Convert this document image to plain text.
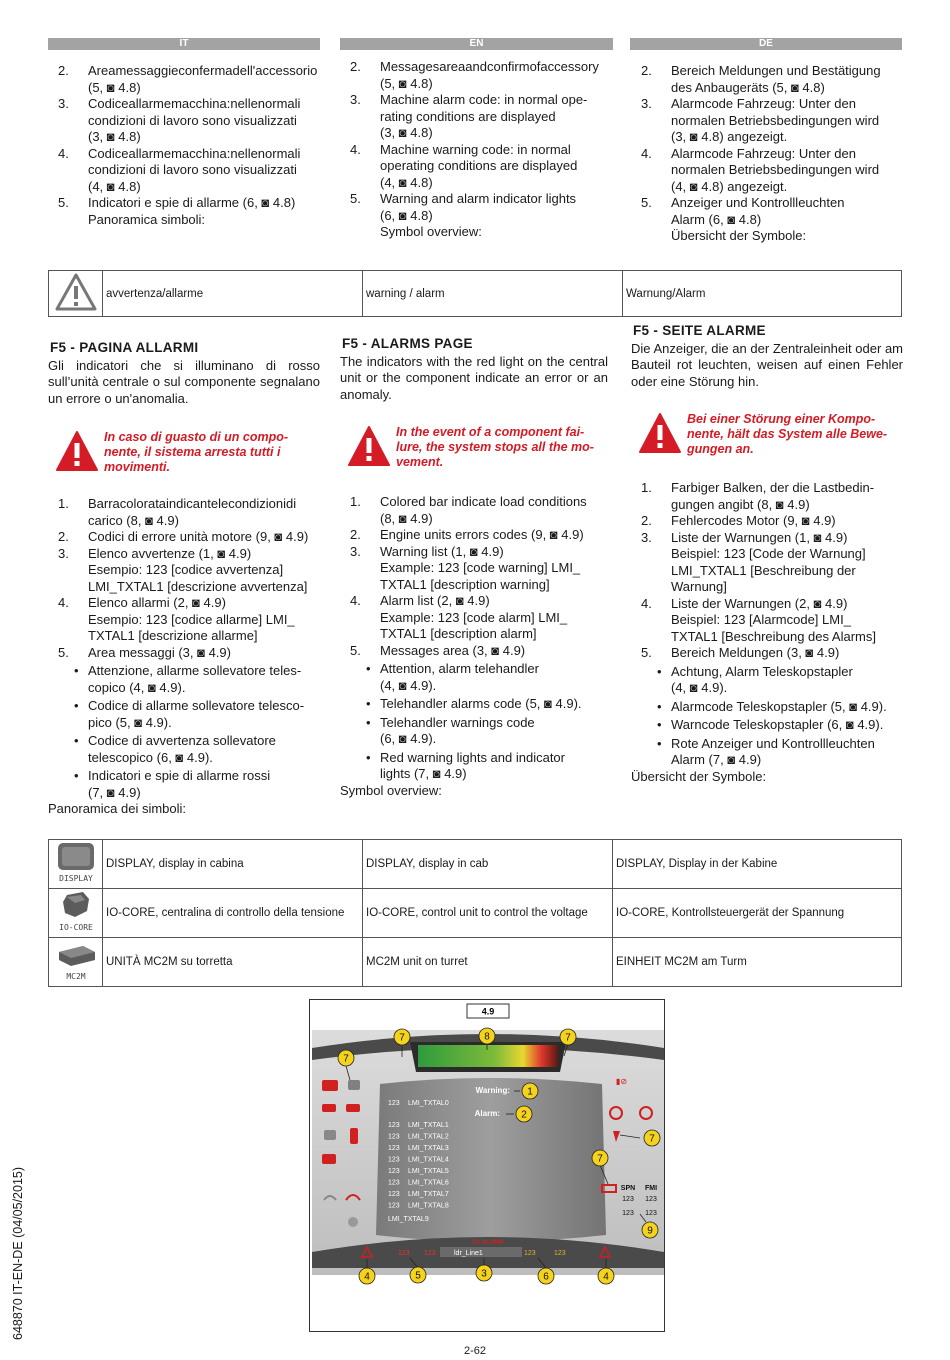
IT	EN	DE
2. Areamessaggieconfermadell'accessorio
(5, ◙ 4.8)
3. Codiceallarmemacchina:nellenormali
condizioni di lavoro sono visualizzati
(3, ◙ 4.8)
4. Codiceallarmemacchina:nellenormali
condizioni di lavoro sono visualizzati
(4, ◙ 4.8)
5. Indicatori e spie di allarme (6, ◙ 4.8)
Panoramica simboli:
2. Messagesareaandconfirmofaccessory
(5, ◙ 4.8)
3. Machine alarm code: in normal ope-
rating conditions are displayed
(3, ◙ 4.8)
4. Machine warning code: in normal
operating conditions are displayed
(4, ◙ 4.8)
5. Warning and alarm indicator lights
(6, ◙ 4.8)
Symbol overview:
2. Bereich Meldungen und Bestätigung
des Anbaugeräts (5, ◙ 4.8)
3. Alarmcode Fahrzeug: Unter den
normalen Betriebsbedingungen wird
(3, ◙ 4.8) angezeigt.
4. Alarmcode Fahrzeug: Unter den
normalen Betriebsbedingungen wird
(4, ◙ 4.8) angezeigt.
5. Anzeiger und Kontrollleuchten
Alarm (6, ◙ 4.8)
Übersicht der Symbole:
	avvertenza/allarme	warning / alarm	Warnung/Alarm
F5 - PAGINA ALLARMI
Gli indicatori che si illuminano di rosso sull’unità centrale o sul componente segnalano un errore o un'anomalia.
In caso di guasto di un compo-
nente, il sistema arresta tutti i
movimenti.
1. Barracolorataindicantelecondizionidi
carico (8, ◙ 4.9)
2. Codici di errore unità motore (9, ◙ 4.9)
3. Elenco avvertenze (1, ◙ 4.9)
Esempio: 123 [codice avvertenza]
LMI_TXTAL1 [descrizione avvertenza]
4. Elenco allarmi (2, ◙ 4.9)
Esempio: 123 [codice allarme] LMI_
TXTAL1 [descrizione allarme]
5. Area messaggi (3, ◙ 4.9)
• Attenzione, allarme sollevatore teles-
copico (4, ◙ 4.9).
• Codice di allarme sollevatore telesco-
pico (5, ◙ 4.9).
• Codice di avvertenza sollevatore
telescopico (6, ◙ 4.9).
• Indicatori e spie di allarme rossi
(7, ◙ 4.9)
Panoramica dei simboli:
F5 - ALARMS PAGE
The indicators with the red light on the central unit or the component indicate an error or an anomaly.
In the event of a component fai-
lure, the system stops all the mo-
vement.
1. Colored bar indicate load conditions
(8, ◙ 4.9)
2. Engine units errors codes (9, ◙ 4.9)
3. Warning list (1, ◙ 4.9)
Example: 123 [code warning] LMI_
TXTAL1 [description warning]
4. Alarm list (2, ◙ 4.9)
Example: 123 [code alarm] LMI_
TXTAL1 [description alarm]
5. Messages area (3, ◙ 4.9)
• Attention, alarm telehandler
(4, ◙ 4.9).
• Telehandler alarms code (5, ◙ 4.9).
• Telehandler warnings code
(6, ◙ 4.9).
• Red warning lights and indicator
lights (7, ◙ 4.9)
Symbol overview:
F5 - SEITE ALARME
Die Anzeiger, die an der Zentraleinheit oder am Bauteil rot leuchten, weisen auf einen Fehler oder eine Störung hin.
Bei einer Störung einer Kompo-
nente, hält das System alle Bewe-
gungen an.
1. Farbiger Balken, der die Lastbedin-
gungen angibt (8, ◙ 4.9)
2. Fehlercodes Motor (9, ◙ 4.9)
3. Liste der Warnungen (1, ◙ 4.9)
Beispiel: 123 [Code der Warnung]
LMI_TXTAL1 [Beschreibung der
Warnung]
4. Liste der Warnungen (2, ◙ 4.9)
Beispiel: 123 [Alarmcode] LMI_
TXTAL1 [Beschreibung des Alarms]
5. Bereich Meldungen (3, ◙ 4.9)
• Achtung, Alarm Teleskopstapler
(4, ◙ 4.9).
• Alarmcode Teleskopstapler (5, ◙ 4.9).
• Warncode Teleskopstapler (6, ◙ 4.9).
• Rote Anzeiger und Kontrollleuchten
Alarm (7, ◙ 4.9)
Übersicht der Symbole:
DISPLAY	DISPLAY, display in cabina	DISPLAY, display in cab	DISPLAY, Display in der Kabine

IO-CORE	IO-CORE, centralina di controllo della tensione	IO-CORE, control unit to control the voltage	IO-CORE, Kontrollsteuergerät der Spannung

MC2M	UNITÀ MC2M su torretta	MC2M unit on turret	EINHEIT MC2M am Turm
4.9
Warning:
Alarm:
123 LMI_TXTAL0
123 LMI_TXTAL1
123 LMI_TXTAL2
123 LMI_TXTAL3
123 LMI_TXTAL4
123 LMI_TXTAL5
123 LMI_TXTAL6
123 LMI_TXTAL7
123 LMI_TXTAL8
LMI_TXTAL9
▮⊘
SPN FMI
123 123
123 123
V1 ALARM
123 123	ldr_Line1	123	123
1
2
3
4	4
5	6
7	7
7
7
7
8
9
648870 IT-EN-DE (04/05/2015)
2-62
